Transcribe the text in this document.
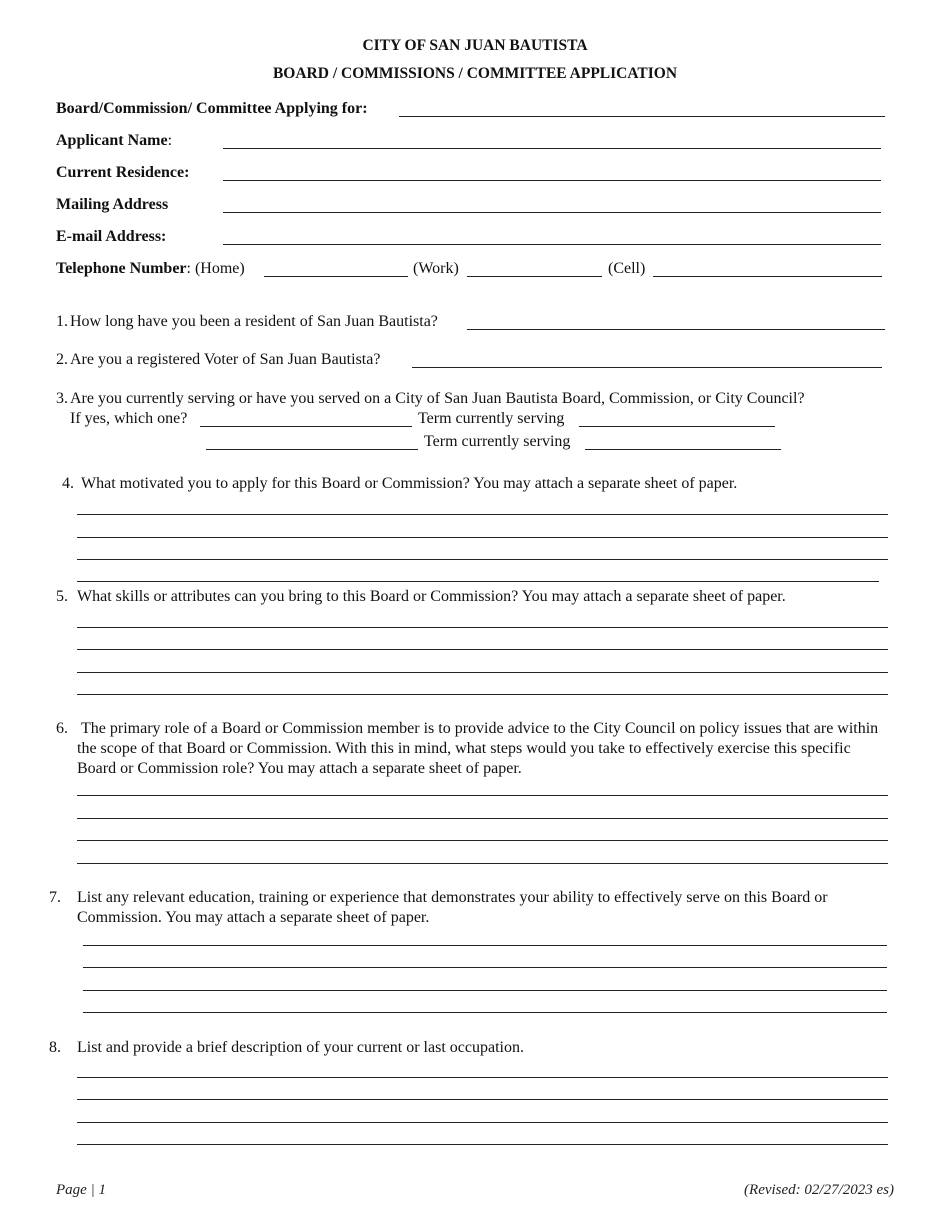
CITY OF SAN JUAN BAUTISTA
BOARD / COMMISSIONS / COMMITTEE APPLICATION
Board/Commission/ Committee Applying for:
Applicant Name:
Current Residence:
Mailing Address
E-mail Address:
Telephone Number: (Home)	(Work)	(Cell)
1. How long have you been a resident of San Juan Bautista?
2. Are you a registered Voter of San Juan Bautista?
3. Are you currently serving or have you served on a City of San Juan Bautista Board, Commission, or City Council?
If yes, which one?	Term currently serving
Term currently serving
4. What motivated you to apply for this Board or Commission? You may attach a separate sheet of paper.
5. What skills or attributes can you bring to this Board or Commission? You may attach a separate sheet of paper.
6. The primary role of a Board or Commission member is to provide advice to the City Council on policy issues that are within the scope of that Board or Commission. With this in mind, what steps would you take to effectively exercise this specific Board or Commission role? You may attach a separate sheet of paper.
7. List any relevant education, training or experience that demonstrates your ability to effectively serve on this Board or Commission. You may attach a separate sheet of paper.
8. List and provide a brief description of your current or last occupation.
Page | 1	(Revised: 02/27/2023 es)
